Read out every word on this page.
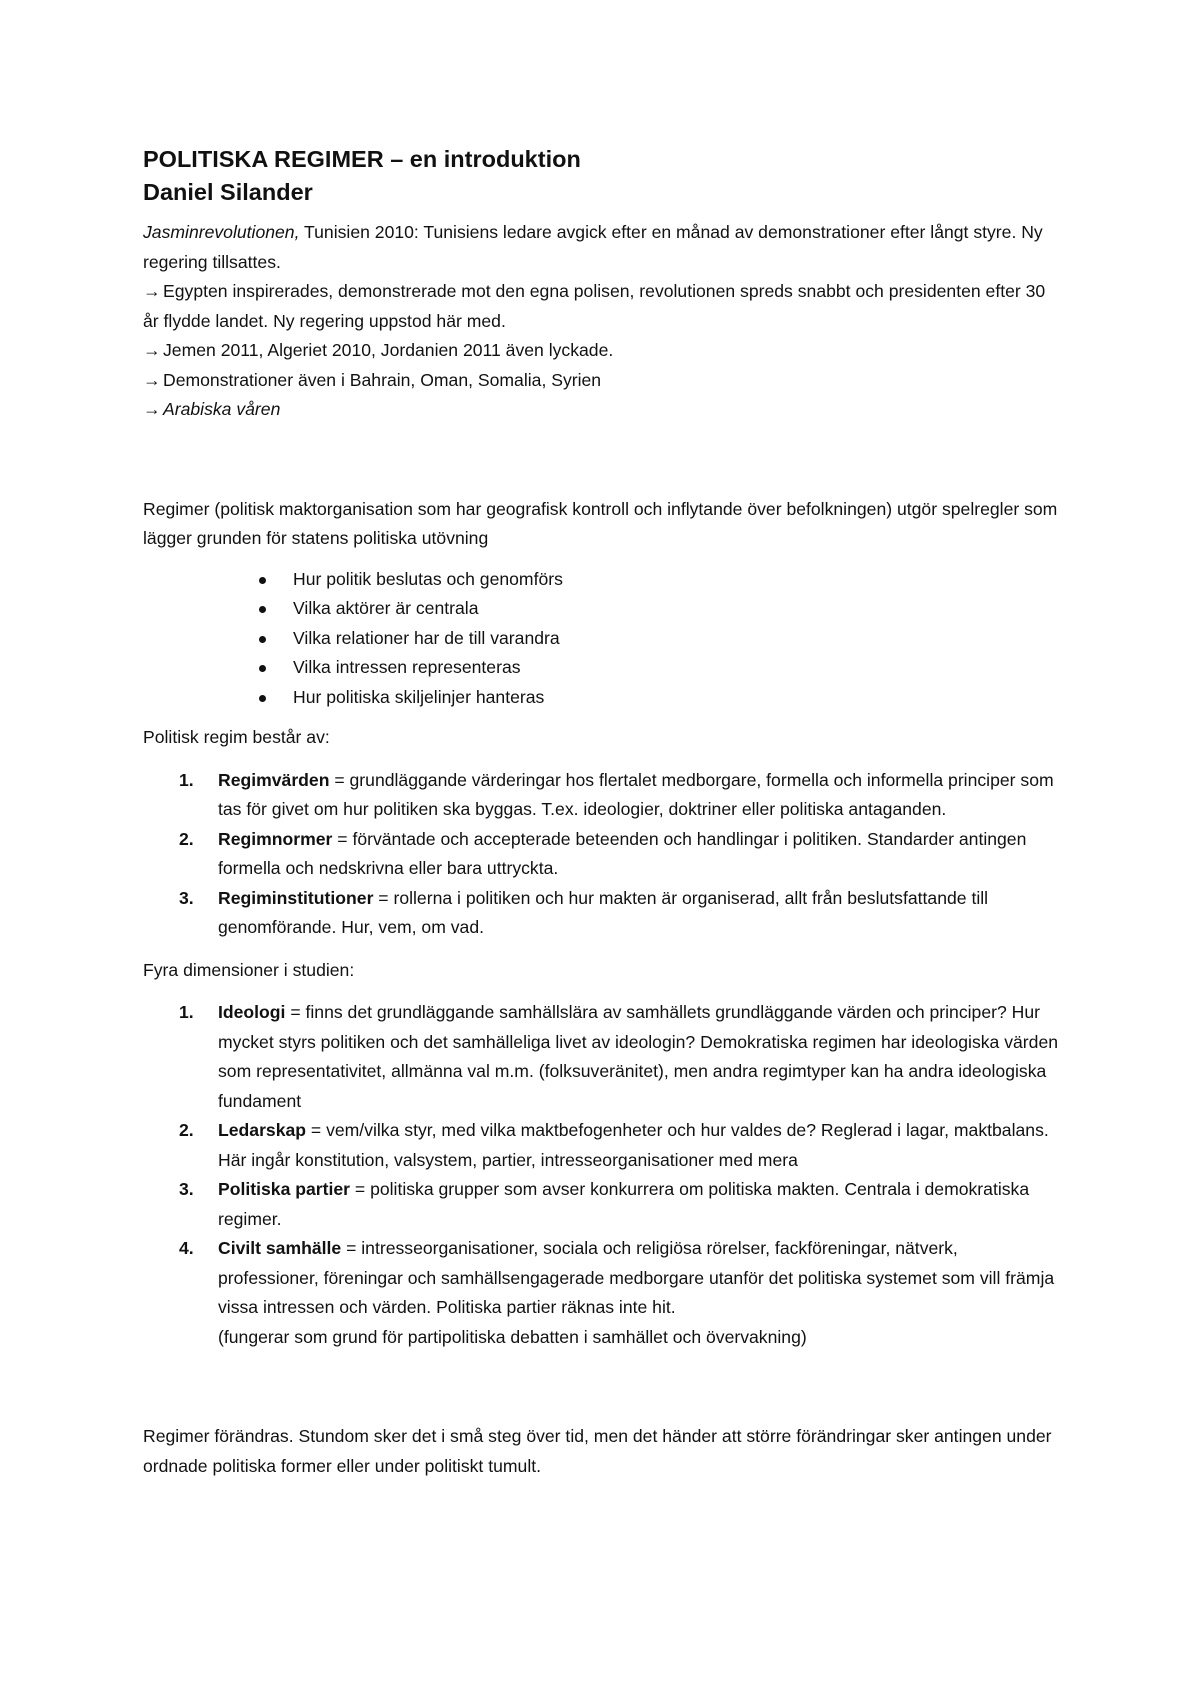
POLITISKA REGIMER – en introduktion
Daniel Silander

Jasminrevolutionen, Tunisien 2010: Tunisiens ledare avgick efter en månad av demonstrationer efter långt styre. Ny regering tillsattes.

→ Egypten inspirerades, demonstrerade mot den egna polisen, revolutionen spreds snabbt och presidenten efter 30 år flydde landet. Ny regering uppstod här med.

→ Jemen 2011, Algeriet 2010, Jordanien 2011 även lyckade.

→ Demonstrationer även i Bahrain, Oman, Somalia, Syrien

→ Arabiska våren

Regimer (politisk maktorganisation som har geografisk kontroll och inflytande över befolkningen) utgör spelregler som lägger grunden för statens politiska utövning

Hur politik beslutas och genomförs
Vilka aktörer är centrala
Vilka relationer har de till varandra
Vilka intressen representeras
Hur politiska skiljelinjer hanteras

Politisk regim består av:

1. Regimvärden = grundläggande värderingar hos flertalet medborgare, formella och informella principer som tas för givet om hur politiken ska byggas. T.ex. ideologier, doktriner eller politiska antaganden.
2. Regimnormer = förväntade och accepterade beteenden och handlingar i politiken. Standarder antingen formella och nedskrivna eller bara uttryckta.
3. Regiminstitutioner = rollerna i politiken och hur makten är organiserad, allt från beslutsfattande till genomförande. Hur, vem, om vad.

Fyra dimensioner i studien:

1. Ideologi = finns det grundläggande samhällslära av samhällets grundläggande värden och principer? Hur mycket styrs politiken och det samhälleliga livet av ideologin? Demokratiska regimen har ideologiska värden som representativitet, allmänna val m.m. (folksuveränitet), men andra regimtyper kan ha andra ideologiska fundament
2. Ledarskap = vem/vilka styr, med vilka maktbefogenheter och hur valdes de? Reglerad i lagar, maktbalans. Här ingår konstitution, valsystem, partier, intresseorganisationer med mera
3. Politiska partier = politiska grupper som avser konkurrera om politiska makten. Centrala i demokratiska regimer.
4. Civilt samhälle = intresseorganisationer, sociala och religiösa rörelser, fackföreningar, nätverk, professioner, föreningar och samhällsengagerade medborgare utanför det politiska systemet som vill främja vissa intressen och värden. Politiska partier räknas inte hit.
(fungerar som grund för partipolitiska debatten i samhället och övervakning)

Regimer förändras. Stundom sker det i små steg över tid, men det händer att större förändringar sker antingen under ordnade politiska former eller under politiskt tumult.
